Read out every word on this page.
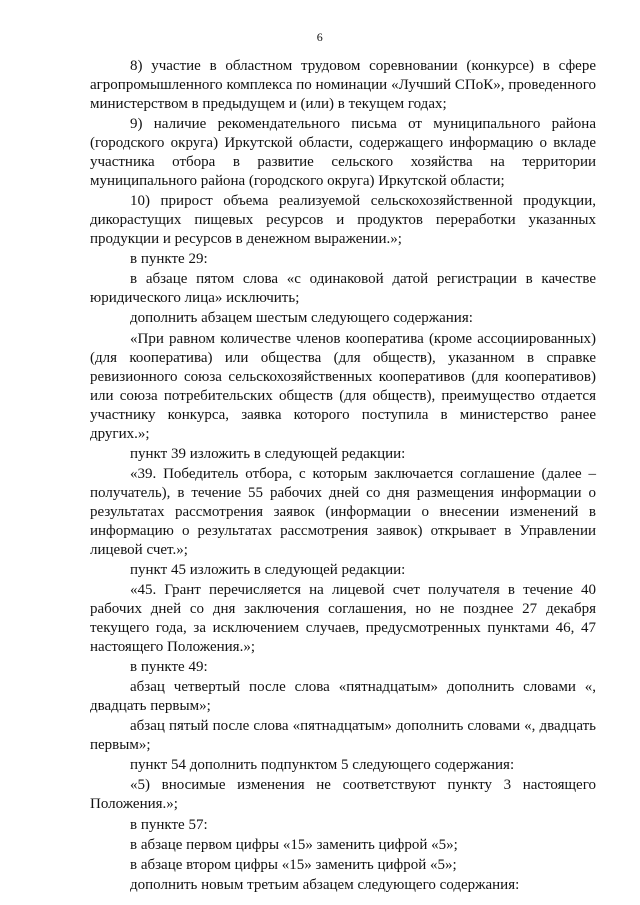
6

8) участие в областном трудовом соревновании (конкурсе) в сфере агропромышленного комплекса по номинации «Лучший СПоК», проведенного министерством в предыдущем и (или) в текущем годах;

9) наличие рекомендательного письма от муниципального района (городского округа) Иркутской области, содержащего информацию о вкладе участника отбора в развитие сельского хозяйства на территории муниципального района (городского округа) Иркутской области;

10) прирост объема реализуемой сельскохозяйственной продукции, дикорастущих пищевых ресурсов и продуктов переработки указанных продукции и ресурсов в денежном выражении.»;

в пункте 29:

в абзаце пятом слова «с одинаковой датой регистрации в качестве юридического лица» исключить;

дополнить абзацем шестым следующего содержания:

«При равном количестве членов кооператива (кроме ассоциированных) (для кооператива) или общества (для обществ), указанном в справке ревизионного союза сельскохозяйственных кооперативов (для кооперативов) или союза потребительских обществ (для обществ), преимущество отдается участнику конкурса, заявка которого поступила в министерство ранее других.»;

пункт 39 изложить в следующей редакции:

«39. Победитель отбора, с которым заключается соглашение (далее – получатель), в течение 55 рабочих дней со дня размещения информации о результатах рассмотрения заявок (информации о внесении изменений в информацию о результатах рассмотрения заявок) открывает в Управлении лицевой счет.»;

пункт 45 изложить в следующей редакции:

«45. Грант перечисляется на лицевой счет получателя в течение 40 рабочих дней со дня заключения соглашения, но не позднее 27 декабря текущего года, за исключением случаев, предусмотренных пунктами 46, 47 настоящего Положения.»;

в пункте 49:

абзац четвертый после слова «пятнадцатым» дополнить словами «, двадцать первым»;

абзац пятый после слова «пятнадцатым» дополнить словами «, двадцать первым»;

пункт 54 дополнить подпунктом 5 следующего содержания:

«5) вносимые изменения не соответствуют пункту 3 настоящего Положения.»;

в пункте 57:

в абзаце первом цифры «15» заменить цифрой «5»;

в абзаце втором цифры «15» заменить цифрой «5»;

дополнить новым третьим абзацем следующего содержания:
